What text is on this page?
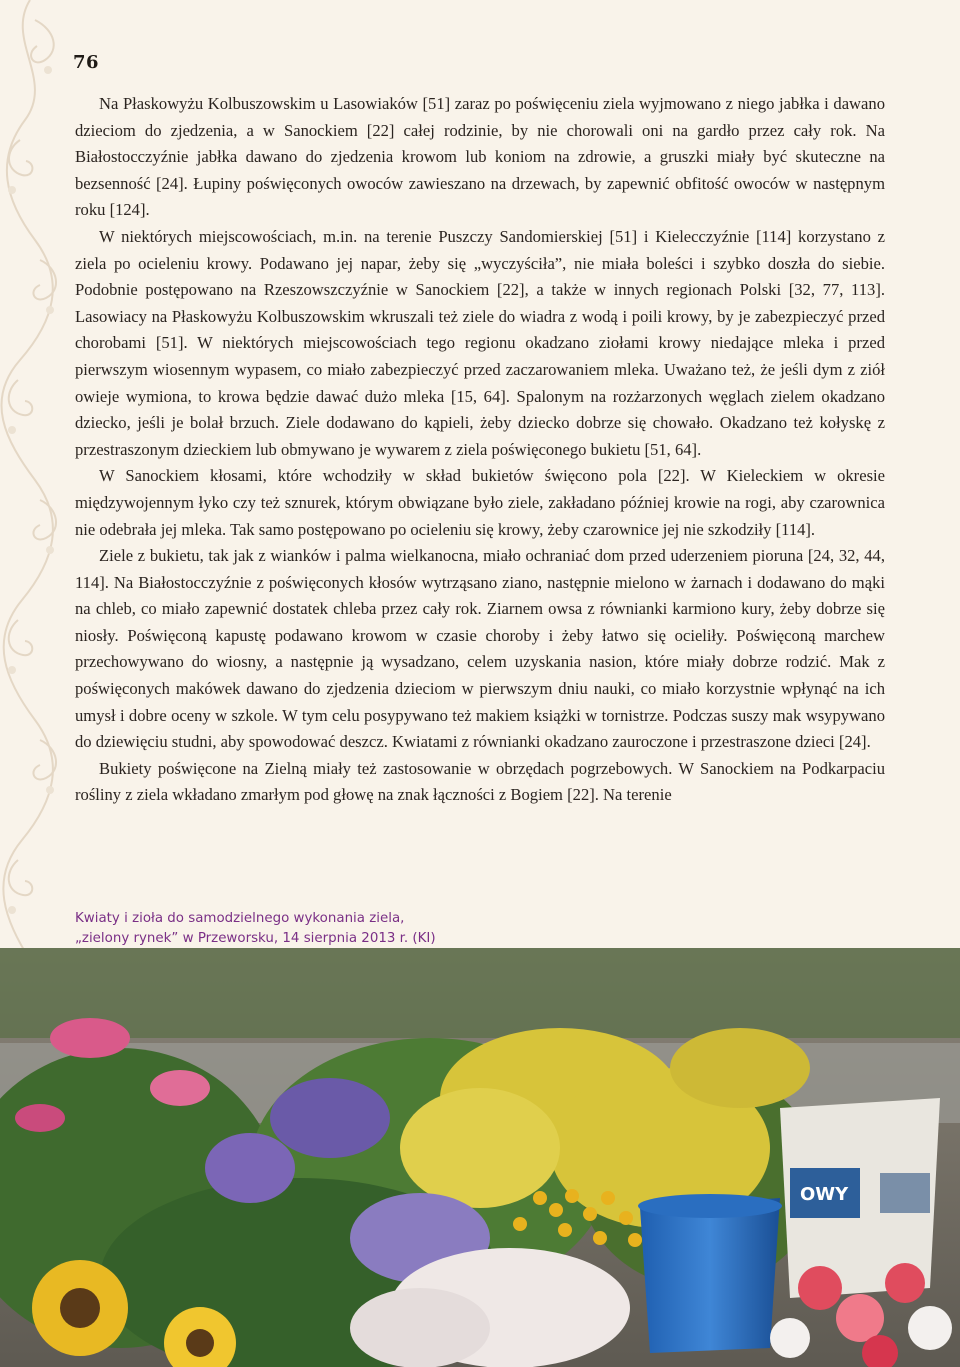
76

Na Płaskowyżu Kolbuszowskim u Lasowiaków [51] zaraz po poświęceniu ziela wyjmowano z niego jabłka i dawano dzieciom do zjedzenia, a w Sanockiem [22] całej rodzinie, by nie chorowali oni na gardło przez cały rok. Na Białostocczyźnie jabłka dawano do zjedzenia krowom lub koniom na zdrowie, a gruszki miały być skuteczne na bezsenność [24]. Łupiny poświęconych owoców zawieszano na drzewach, by zapewnić obfitość owoców w następnym roku [124].

W niektórych miejscowościach, m.in. na terenie Puszczy Sandomierskiej [51] i Kielecczyźnie [114] korzystano z ziela po ocieleniu krowy. Podawano jej napar, żeby się „wyczyściła”, nie miała boleści i szybko doszła do siebie. Podobnie postępowano na Rzeszowszczyźnie w Sanockiem [22], a także w innych regionach Polski [32, 77, 113]. Lasowiacy na Płaskowyżu Kolbuszowskim wkruszali też ziele do wiadra z wodą i poili krowy, by je zabezpieczyć przed chorobami [51]. W niektórych miejscowościach tego regionu okadzano ziołami krowy niedające mleka i przed pierwszym wiosennym wypasem, co miało zabezpieczyć przed zaczarowaniem mleka. Uważano też, że jeśli dym z ziół owieje wymiona, to krowa będzie dawać dużo mleka [15, 64]. Spalonym na rozżarzonych węglach zielem okadzano dziecko, jeśli je bolał brzuch. Ziele dodawano do kąpieli, żeby dziecko dobrze się chowało. Okadzano też kołyskę z przestraszonym dzieckiem lub obmywano je wywarem z ziela poświęconego bukietu [51, 64].

W Sanockiem kłosami, które wchodziły w skład bukietów święcono pola [22]. W Kieleckiem w okresie międzywojennym łyko czy też sznurek, którym obwiązane było ziele, zakładano później krowie na rogi, aby czarownica nie odebrała jej mleka. Tak samo postępowano po ocieleniu się krowy, żeby czarownice jej nie szkodziły [114].

Ziele z bukietu, tak jak z wianków i palma wielkanocna, miało ochraniać dom przed uderzeniem pioruna [24, 32, 44, 114]. Na Białostocczyźnie z poświęconych kłosów wytrząsano ziano, następnie mielono w żarnach i dodawano do mąki na chleb, co miało zapewnić dostatek chleba przez cały rok. Ziarnem owsa z równianki karmiono kury, żeby dobrze się niosły. Poświęconą kapustę podawano krowom w czasie choroby i żeby łatwo się ocieliły. Poświęconą marchew przechowywano do wiosny, a następnie ją wysadzano, celem uzyskania nasion, które miały dobrze rodzić. Mak z poświęconych makówek dawano do zjedzenia dzieciom w pierwszym dniu nauki, co miało korzystnie wpłynąć na ich umysł i dobre oceny w szkole. W tym celu posypywano też makiem książki w tornistrze. Podczas suszy mak wsypywano do dziewięciu studni, aby spowodować deszcz. Kwiatami z równianki okadzano zauroczone i przestraszone dzieci [24].

Bukiety poświęcone na Zielną miały też zastosowanie w obrzędach pogrzebowych. W Sanockiem na Podkarpaciu rośliny z ziela wkładano zmarłym pod głowę na znak łączności z Bogiem [22]. Na terenie

Kwiaty i zioła do samodzielnego wykonania ziela,
„zielony rynek” w Przeworsku, 14 sierpnia 2013 r. (KI)
OWY
